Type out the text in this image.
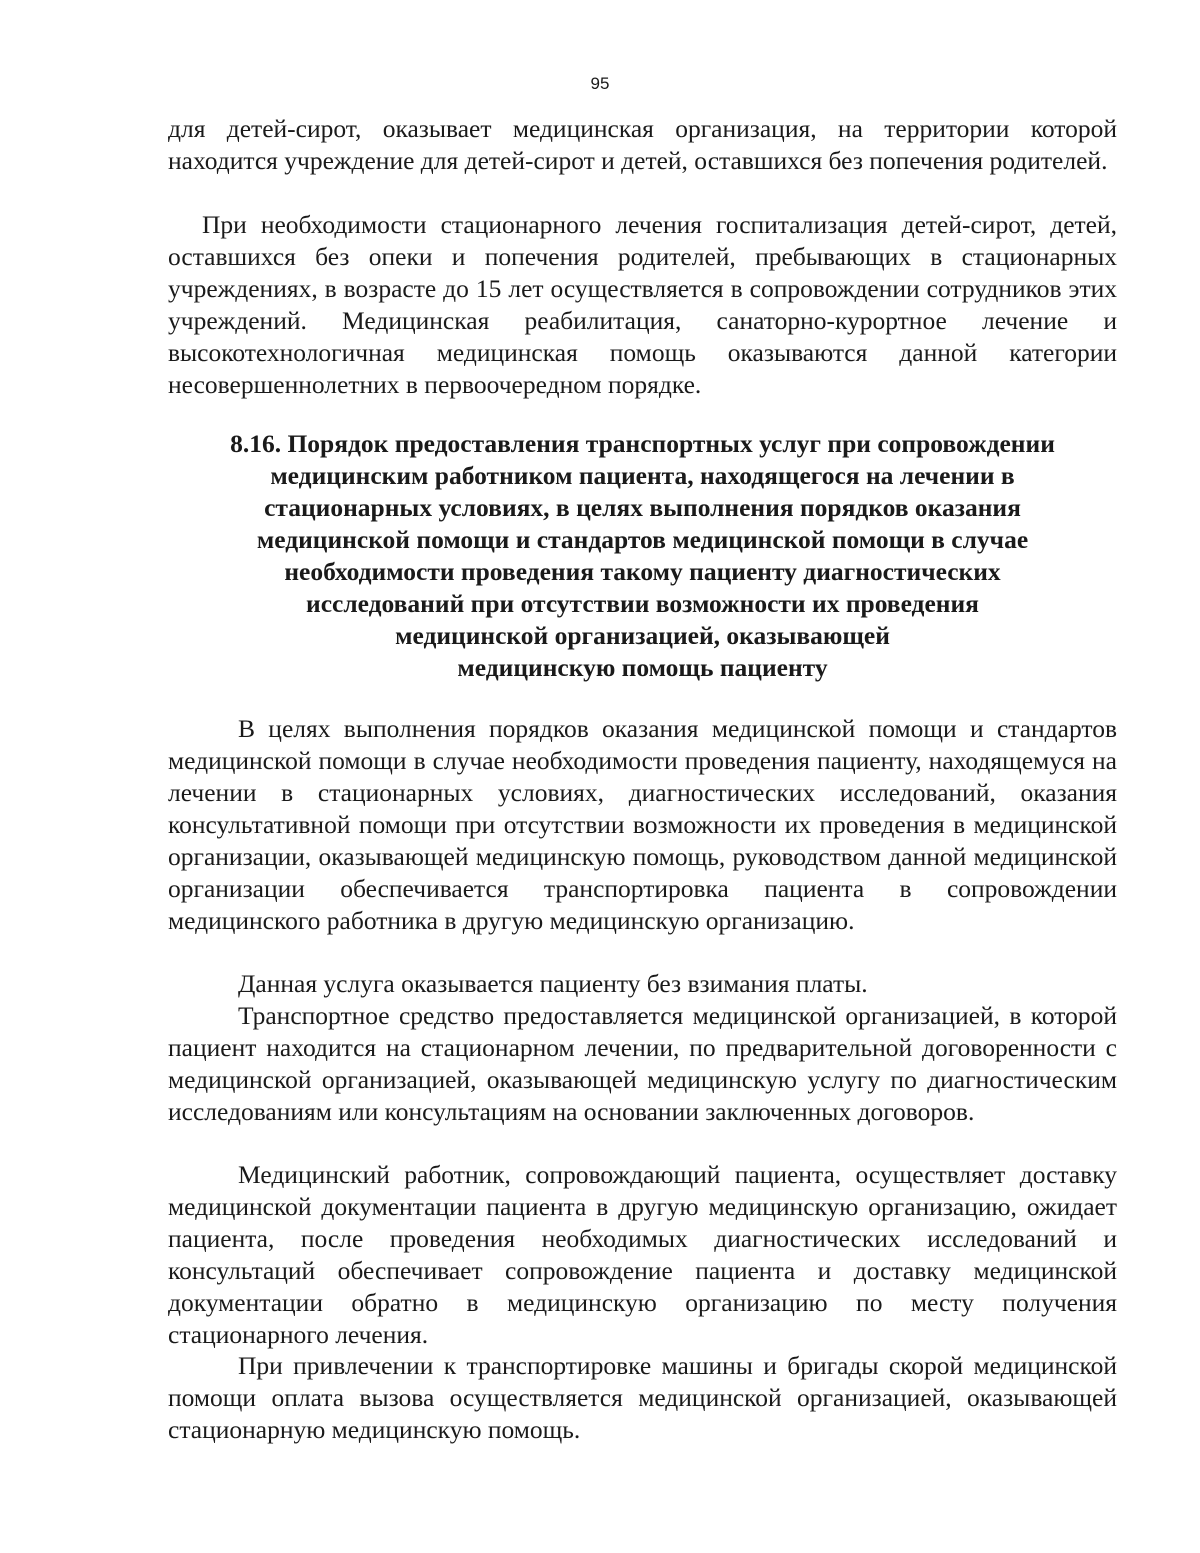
95

для детей-сирот, оказывает медицинская организация, на территории которой находится учреждение для детей-сирот и детей, оставшихся без попечения родителей.

При необходимости стационарного лечения госпитализация детей-сирот, детей, оставшихся без опеки и попечения родителей, пребывающих в стационарных учреждениях, в возрасте до 15 лет осуществляется в сопровождении сотрудников этих учреждений. Медицинская реабилитация, санаторно-курортное лечение и высокотехнологичная медицинская помощь оказываются данной категории несовершеннолетних в первоочередном порядке.

8.16. Порядок предоставления транспортных услуг при сопровождении
медицинским работником пациента, находящегося на лечении в
стационарных условиях, в целях выполнения порядков оказания
медицинской помощи и стандартов медицинской помощи в случае
необходимости проведения такому пациенту диагностических
исследований при отсутствии возможности их проведения
медицинской организацией, оказывающей
медицинскую помощь пациенту

В целях выполнения порядков оказания медицинской помощи и стандартов медицинской помощи в случае необходимости проведения пациенту, находящемуся на лечении в стационарных условиях, диагностических исследований, оказания консультативной помощи при отсутствии возможности их проведения в медицинской организации, оказывающей медицинскую помощь, руководством данной медицинской организации обеспечивается транспортировка пациента в сопровождении медицинского работника в другую медицинскую организацию.

Данная услуга оказывается пациенту без взимания платы.

Транспортное средство предоставляется медицинской организацией, в которой пациент находится на стационарном лечении, по предварительной договоренности с медицинской организацией, оказывающей медицинскую услугу по диагностическим исследованиям или консультациям на основании заключенных договоров.

Медицинский работник, сопровождающий пациента, осуществляет доставку медицинской документации пациента в другую медицинскую организацию, ожидает пациента, после проведения необходимых диагностических исследований и консультаций обеспечивает сопровождение пациента и доставку медицинской документации обратно в медицинскую организацию по месту получения стационарного лечения.

При привлечении к транспортировке машины и бригады скорой медицинской помощи оплата вызова осуществляется медицинской организацией, оказывающей стационарную медицинскую помощь.
